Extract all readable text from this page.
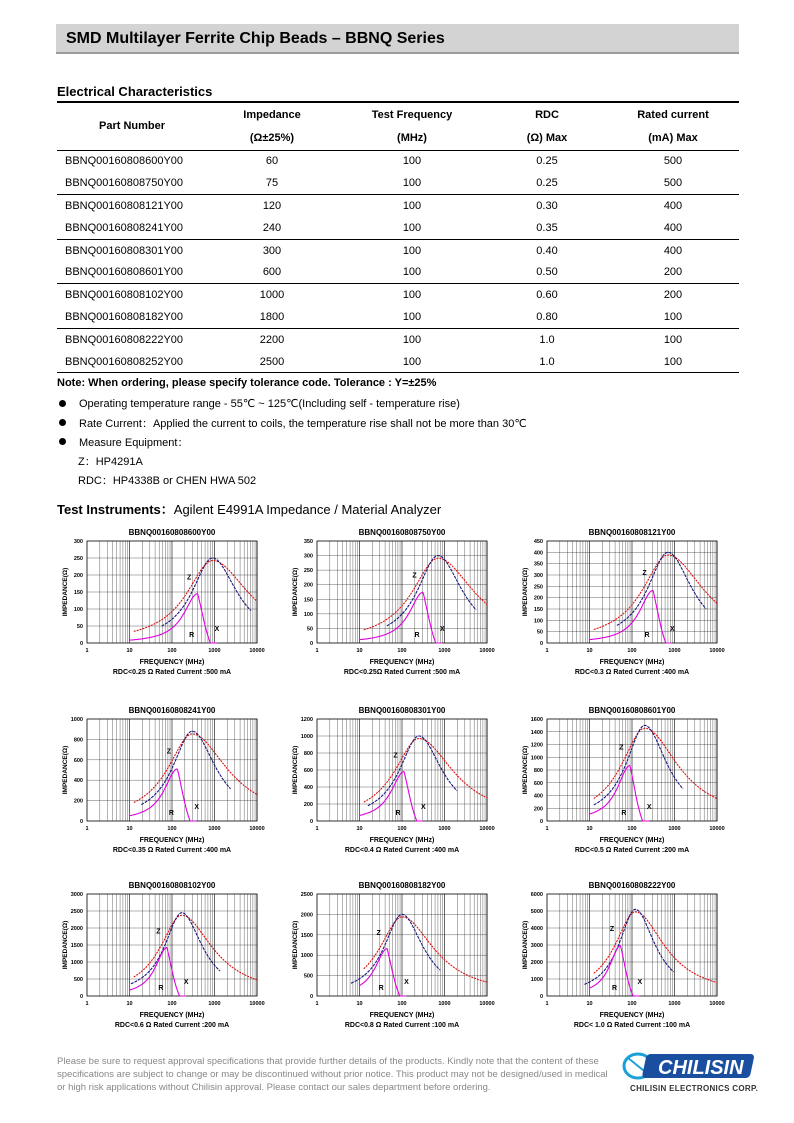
SMD Multilayer Ferrite Chip Beads – BBNQ Series
Electrical Characteristics
Part Number	Impedance	Test Frequency	RDC	Rated current
	(Ω±25%)	(MHz)	(Ω) Max	(mA) Max
BBNQ00160808600Y00	60	100	0.25	500
BBNQ00160808750Y00	75	100	0.25	500
BBNQ00160808121Y00	120	100	0.30	400
BBNQ00160808241Y00	240	100	0.35	400
BBNQ00160808301Y00	300	100	0.40	400
BBNQ00160808601Y00	600	100	0.50	200
BBNQ00160808102Y00	1000	100	0.60	200
BBNQ00160808182Y00	1800	100	0.80	100
BBNQ00160808222Y00	2200	100	1.0	100
BBNQ00160808252Y00	2500	100	1.0	100
Note: When ordering, please specify tolerance code. Tolerance : Y=±25%
Operating temperature range - 55℃ ~ 125℃(Including self - temperature rise)
Rate Current：Applied the current to coils, the temperature rise shall not be more than 30℃
Measure Equipment：
Z：HP4291A
RDC：HP4338B or CHEN HWA 502
Test Instruments：Agilent E4991A Impedance / Material Analyzer
BBNQ00160808600Y00
1	10	100	1000	10000
0
50
100
150
200
250
300
IMPEDANCE(Ω)
FREQUENCY (MHz)
RDC<0.25 Ω Rated Current :500 mA
Z
R
X
BBNQ00160808750Y00
1	10	100	1000	10000
0
50
100
150
200
250
300
350
IMPEDANCE(Ω)
FREQUENCY (MHz)
RDC<0.25Ω Rated Current :500 mA
Z
R
X
BBNQ00160808121Y00
1	10	100	1000	10000
0
50
100
150
200
250
300
350
400
450
IMPEDANCE(Ω)
FREQUENCY (MHz)
RDC<0.3 Ω Rated Current :400 mA
Z
R
X
BBNQ00160808241Y00
1	10	100	1000	10000
0
200
400
600
800
1000
IMPEDANCE(Ω)
FREQUENCY (MHz)
RDC<0.35 Ω Rated Current :400 mA
Z
R
X
BBNQ00160808301Y00
1	10	100	1000	10000
0
200
400
600
800
1000
1200
IMPEDANCE(Ω)
FREQUENCY (MHz)
RDC<0.4 Ω Rated Current :400 mA
Z
R
X
BBNQ00160808601Y00
1	10	100	1000	10000
0
200
400
600
800
1000
1200
1400
1600
IMPEDANCE(Ω)
FREQUENCY (MHz)
RDC<0.5 Ω Rated Current :200 mA
Z
R
X
BBNQ00160808102Y00
1	10	100	1000	10000
0
500
1000
1500
2000
2500
3000
IMPEDANCE(Ω)
FREQUENCY (MHz)
RDC<0.6 Ω Rated Current :200 mA
Z
R
X
BBNQ00160808182Y00
1	10	100	1000	10000
0
500
1000
1500
2000
2500
IMPEDANCE(Ω)
FREQUENCY (MHz)
RDC<0.8 Ω Rated Current :100 mA
Z
R
X
BBNQ00160808222Y00
1	10	100	1000	10000
0
1000
2000
3000
4000
5000
6000
IMPEDANCE(Ω)
FREQUENCY (MHz)
RDC< 1.0 Ω Rated Current :100 mA
Z
R
X
Please be sure to request approval specifications that provide further details of the products. Kindly note that the content of these specifications are subject to change or may be discontinued without prior notice. This product may not be designed/used in medical or high risk applications without Chilisin approval. Please contact our sales department before ordering.
CHILISIN
CHILISIN ELECTRONICS CORP.
